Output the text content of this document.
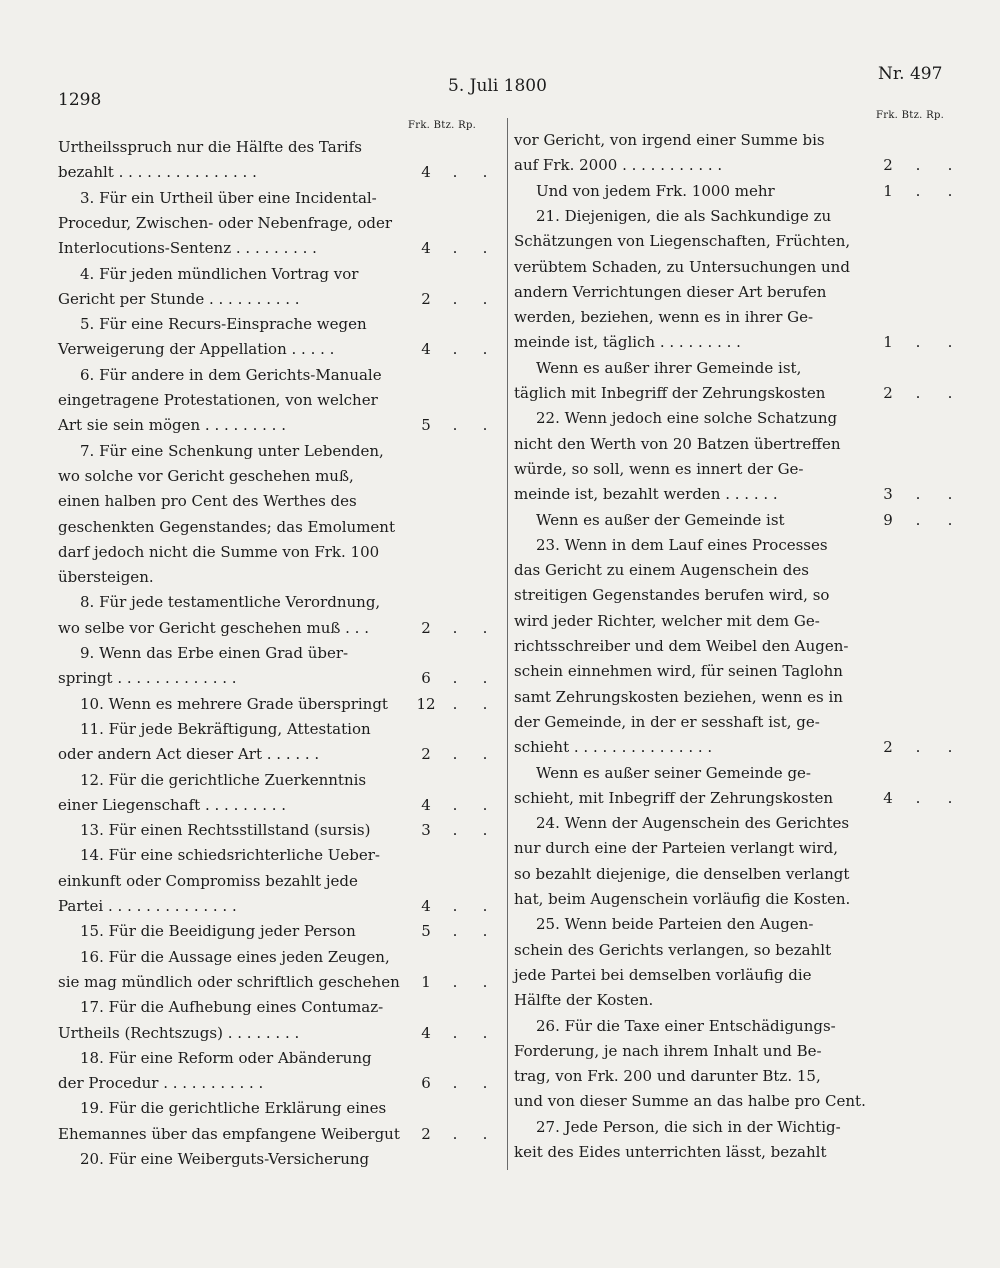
1298
5. Juli 1800
Nr. 497
Frk. Btz. Rp.
Frk. Btz. Rp.
Urtheilsspruch nur die Hälfte des Tarifs
bezahlt . . . . . . . . . . . . . . .	4	.	.
3. Für ein Urtheil über eine Incidental-
Procedur, Zwischen- oder Nebenfrage, oder
Interlocutions-Sentenz . . . . . . . . .	4	.	.
4. Für jeden mündlichen Vortrag vor
Gericht per Stunde . . . . . . . . . .	2	.	.
5. Für eine Recurs-Einsprache wegen
Verweigerung der Appellation . . . . .	4	.	.
6. Für andere in dem Gerichts-Manuale
eingetragene Protestationen, von welcher
Art sie sein mögen . . . . . . . . .	5	.	.
7. Für eine Schenkung unter Lebenden,
wo solche vor Gericht geschehen muß,
einen halben pro Cent des Werthes des
geschenkten Gegenstandes; das Emolument
darf jedoch nicht die Summe von Frk. 100
übersteigen.
8. Für jede testamentliche Verordnung,
wo selbe vor Gericht geschehen muß . . .	2	.	.
9. Wenn das Erbe einen Grad über-
springt . . . . . . . . . . . . .	6	.	.
10. Wenn es mehrere Grade überspringt 12	.	.
11. Für jede Bekräftigung, Attestation
oder andern Act dieser Art . . . . . .	2	.	.
12. Für die gerichtliche Zuerkenntnis
einer Liegenschaft . . . . . . . . .	4	.	.
13. Für einen Rechtsstillstand (sursis)	3	.	.
14. Für eine schiedsrichterliche Ueber-
einkunft oder Compromiss bezahlt jede
Partei . . . . . . . . . . . . . .	4	.	.
15. Für die Beeidigung jeder Person	5	.	.
16. Für die Aussage eines jeden Zeugen,
sie mag mündlich oder schriftlich geschehen	1	.	.
17. Für die Aufhebung eines Contumaz-
Urtheils (Rechtszugs) . . . . . . . .	4	.	.
18. Für eine Reform oder Abänderung
der Procedur . . . . . . . . . . .	6	.	.
19. Für die gerichtliche Erklärung eines
Ehemannes über das empfangene Weibergut	2	.	.
20. Für eine Weiberguts-Versicherung
vor Gericht, von irgend einer Summe bis
auf Frk. 2000 . . . . . . . . . . .	2	.	.
Und von jedem Frk. 1000 mehr	1	.	.
21. Diejenigen, die als Sachkundige zu
Schätzungen von Liegenschaften, Früchten,
verübtem Schaden, zu Untersuchungen und
andern Verrichtungen dieser Art berufen
werden, beziehen, wenn es in ihrer Ge-
meinde ist, täglich . . . . . . . . .	1	.	.
Wenn es außer ihrer Gemeinde ist,
täglich mit Inbegriff der Zehrungskosten	2	.	.
22. Wenn jedoch eine solche Schatzung
nicht den Werth von 20 Batzen übertreffen
würde, so soll, wenn es innert der Ge-
meinde ist, bezahlt werden . . . . . .	3	.	.
Wenn es außer der Gemeinde ist	9	.	.
23. Wenn in dem Lauf eines Processes
das Gericht zu einem Augenschein des
streitigen Gegenstandes berufen wird, so
wird jeder Richter, welcher mit dem Ge-
richtsschreiber und dem Weibel den Augen-
schein einnehmen wird, für seinen Taglohn
samt Zehrungskosten beziehen, wenn es in
der Gemeinde, in der er sesshaft ist, ge-
schieht . . . . . . . . . . . . . . .	2	.	.
Wenn es außer seiner Gemeinde ge-
schieht, mit Inbegriff der Zehrungskosten	4	.	.
24. Wenn der Augenschein des Gerichtes
nur durch eine der Parteien verlangt wird,
so bezahlt diejenige, die denselben verlangt
hat, beim Augenschein vorläufig die Kosten.
25. Wenn beide Parteien den Augen-
schein des Gerichts verlangen, so bezahlt
jede Partei bei demselben vorläufig die
Hälfte der Kosten.
26. Für die Taxe einer Entschädigungs-
Forderung, je nach ihrem Inhalt und Be-
trag, von Frk. 200 und darunter Btz. 15,
und von dieser Summe an das halbe pro Cent.
27. Jede Person, die sich in der Wichtig-
keit des Eides unterrichten lässt, bezahlt
